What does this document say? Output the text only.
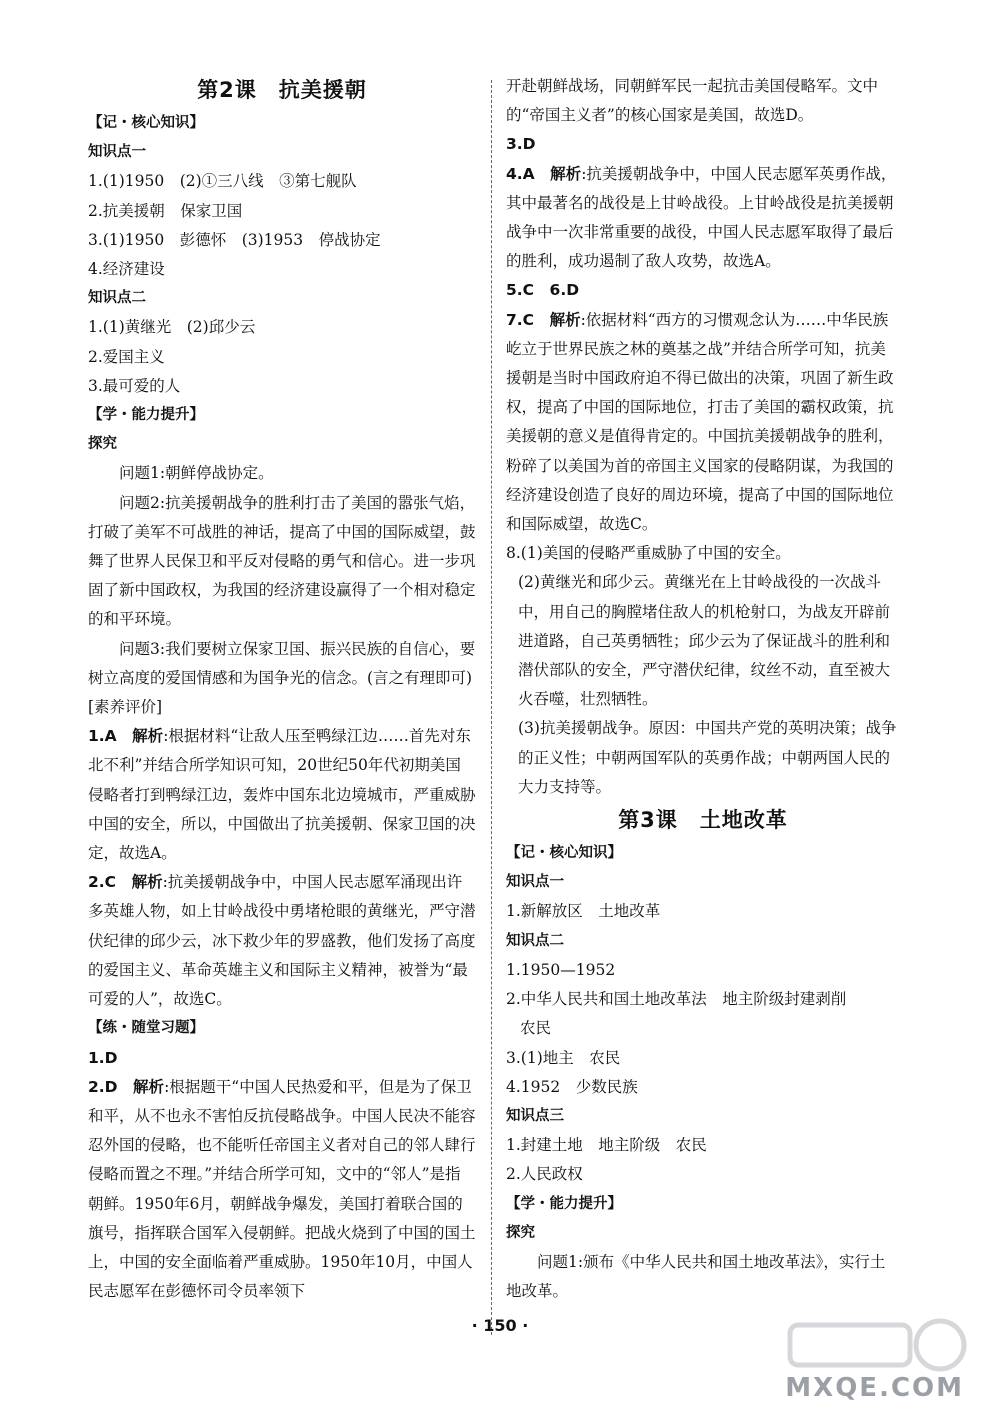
第2课　抗美援朝
【记・核心知识】
知识点一
1.(1)1950　(2)①三八线　③第七舰队
2.抗美援朝　保家卫国
3.(1)1950　彭德怀　(3)1953　停战协定
4.经济建设
知识点二
1.(1)黄继光　(2)邱少云
2.爱国主义
3.最可爱的人
【学・能力提升】
探究
问题1:朝鲜停战协定。
问题2:抗美援朝战争的胜利打击了美国的嚣张气焰，打破了美军不可战胜的神话，提高了中国的国际威望，鼓舞了世界人民保卫和平反对侵略的勇气和信心。进一步巩固了新中国政权，为我国的经济建设赢得了一个相对稳定的和平环境。
问题3:我们要树立保家卫国、振兴民族的自信心，要树立高度的爱国情感和为国争光的信念。(言之有理即可)
[素养评价]
1.A　解析:根据材料“让敌人压至鸭绿江边……首先对东北不利”并结合所学知识可知，20世纪50年代初期美国侵略者打到鸭绿江边，轰炸中国东北边境城市，严重威胁中国的安全，所以，中国做出了抗美援朝、保家卫国的决定，故选A。
2.C　解析:抗美援朝战争中，中国人民志愿军涌现出许多英雄人物，如上甘岭战役中勇堵枪眼的黄继光，严守潜伏纪律的邱少云，冰下救少年的罗盛教，他们发扬了高度的爱国主义、革命英雄主义和国际主义精神，被誉为“最可爱的人”，故选C。
【练・随堂习题】
1.D
2.D　解析:根据题干“中国人民热爱和平，但是为了保卫和平，从不也永不害怕反抗侵略战争。中国人民决不能容忍外国的侵略，也不能听任帝国主义者对自己的邻人肆行侵略而置之不理。”并结合所学可知，文中的“邻人”是指朝鲜。1950年6月，朝鲜战争爆发，美国打着联合国的旗号，指挥联合国军入侵朝鲜。把战火烧到了中国的国土上，中国的安全面临着严重威胁。1950年10月，中国人民志愿军在彭德怀司令员率领下
开赴朝鲜战场，同朝鲜军民一起抗击美国侵略军。文中的“帝国主义者”的核心国家是美国，故选D。
3.D
4.A　解析:抗美援朝战争中，中国人民志愿军英勇作战，其中最著名的战役是上甘岭战役。上甘岭战役是抗美援朝战争中一次非常重要的战役，中国人民志愿军取得了最后的胜利，成功遏制了敌人攻势，故选A。
5.C　6.D
7.C　解析:依据材料“西方的习惯观念认为……中华民族屹立于世界民族之林的奠基之战”并结合所学可知，抗美援朝是当时中国政府迫不得已做出的决策，巩固了新生政权，提高了中国的国际地位，打击了美国的霸权政策，抗美援朝的意义是值得肯定的。中国抗美援朝战争的胜利，粉碎了以美国为首的帝国主义国家的侵略阴谋，为我国的经济建设创造了良好的周边环境，提高了中国的国际地位和国际威望，故选C。
8.(1)美国的侵略严重威胁了中国的安全。
(2)黄继光和邱少云。黄继光在上甘岭战役的一次战斗中，用自己的胸膛堵住敌人的机枪射口，为战友开辟前进道路，自己英勇牺牲；邱少云为了保证战斗的胜利和潜伏部队的安全，严守潜伏纪律，纹丝不动，直至被大火吞噬，壮烈牺牲。
(3)抗美援朝战争。原因：中国共产党的英明决策；战争的正义性；中朝两国军队的英勇作战；中朝两国人民的大力支持等。
第3课　土地改革
【记・核心知识】
知识点一
1.新解放区　土地改革
知识点二
1.1950—1952
2.中华人民共和国土地改革法　地主阶级封建剥削
农民
3.(1)地主　农民
4.1952　少数民族
知识点三
1.封建土地　地主阶级　农民
2.人民政权
【学・能力提升】
探究
问题1:颁布《中华人民共和国土地改革法》，实行土地改革。
· 150 ·
MXQE.COM
